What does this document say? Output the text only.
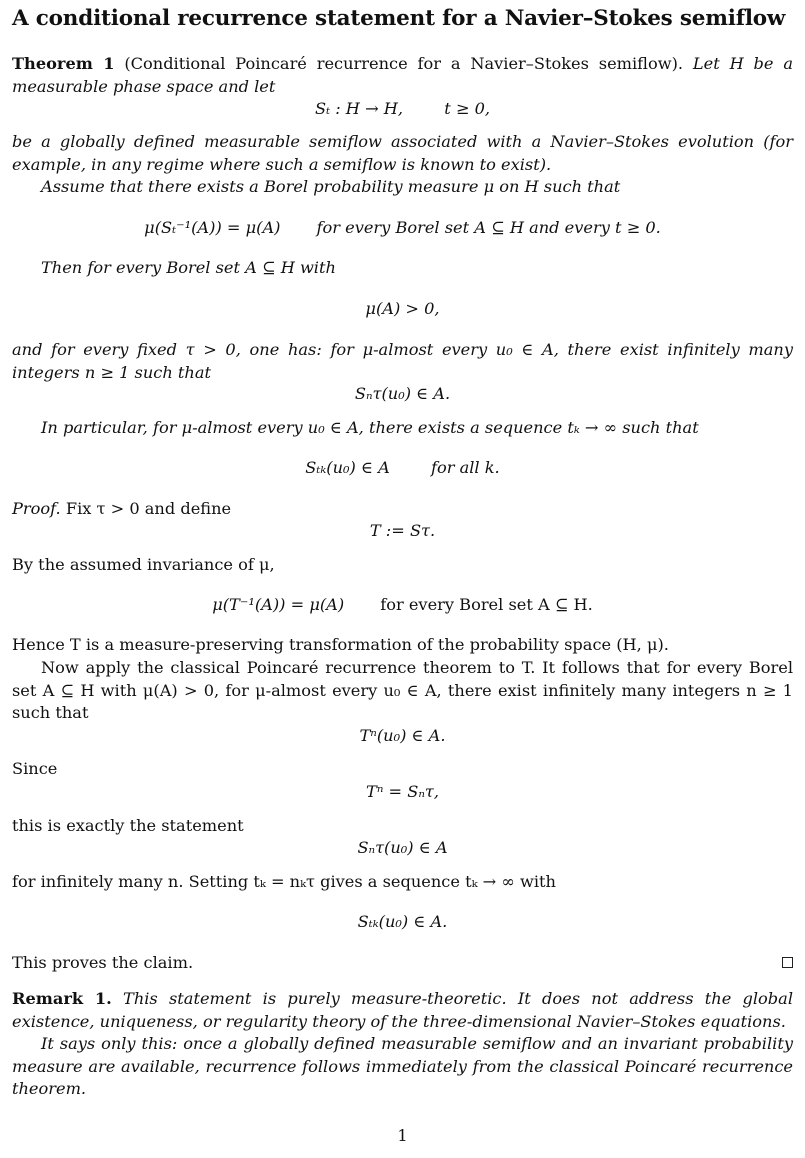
A conditional recurrence statement for a Navier–Stokes semiflow

Theorem 1 (Conditional Poincaré recurrence for a Navier–Stokes semiflow). Let H be a measurable phase space and let

Sₜ : H → H,        t ≥ 0,

be a globally defined measurable semiflow associated with a Navier–Stokes evolution (for example, in any regime where such a semiflow is known to exist).

Assume that there exists a Borel probability measure μ on H such that

μ(Sₜ⁻¹(A)) = μ(A) for every Borel set A ⊆ H and every t ≥ 0.

Then for every Borel set A ⊆ H with

μ(A) > 0,

and for every fixed τ > 0, one has: for μ-almost every u₀ ∈ A, there exist infinitely many integers n ≥ 1 such that

Sₙτ(u₀) ∈ A.

In particular, for μ-almost every u₀ ∈ A, there exists a sequence tₖ → ∞ such that

Sₜₖ(u₀) ∈ A	for all k.

Proof. Fix τ > 0 and define

T := Sτ.

By the assumed invariance of μ,

μ(T⁻¹(A)) = μ(A) for every Borel set A ⊆ H.

Hence T is a measure-preserving transformation of the probability space (H, μ).

Now apply the classical Poincaré recurrence theorem to T. It follows that for every Borel set A ⊆ H with μ(A) > 0, for μ-almost every u₀ ∈ A, there exist infinitely many integers n ≥ 1 such that

Tⁿ(u₀) ∈ A.

Since

Tⁿ = Sₙτ,

this is exactly the statement

Sₙτ(u₀) ∈ A

for infinitely many n. Setting tₖ = nₖτ gives a sequence tₖ → ∞ with

Sₜₖ(u₀) ∈ A.

This proves the claim.

Remark 1. This statement is purely measure-theoretic. It does not address the global existence, uniqueness, or regularity theory of the three-dimensional Navier–Stokes equations.

It says only this: once a globally defined measurable semiflow and an invariant probability measure are available, recurrence follows immediately from the classical Poincaré recurrence theorem.

1
